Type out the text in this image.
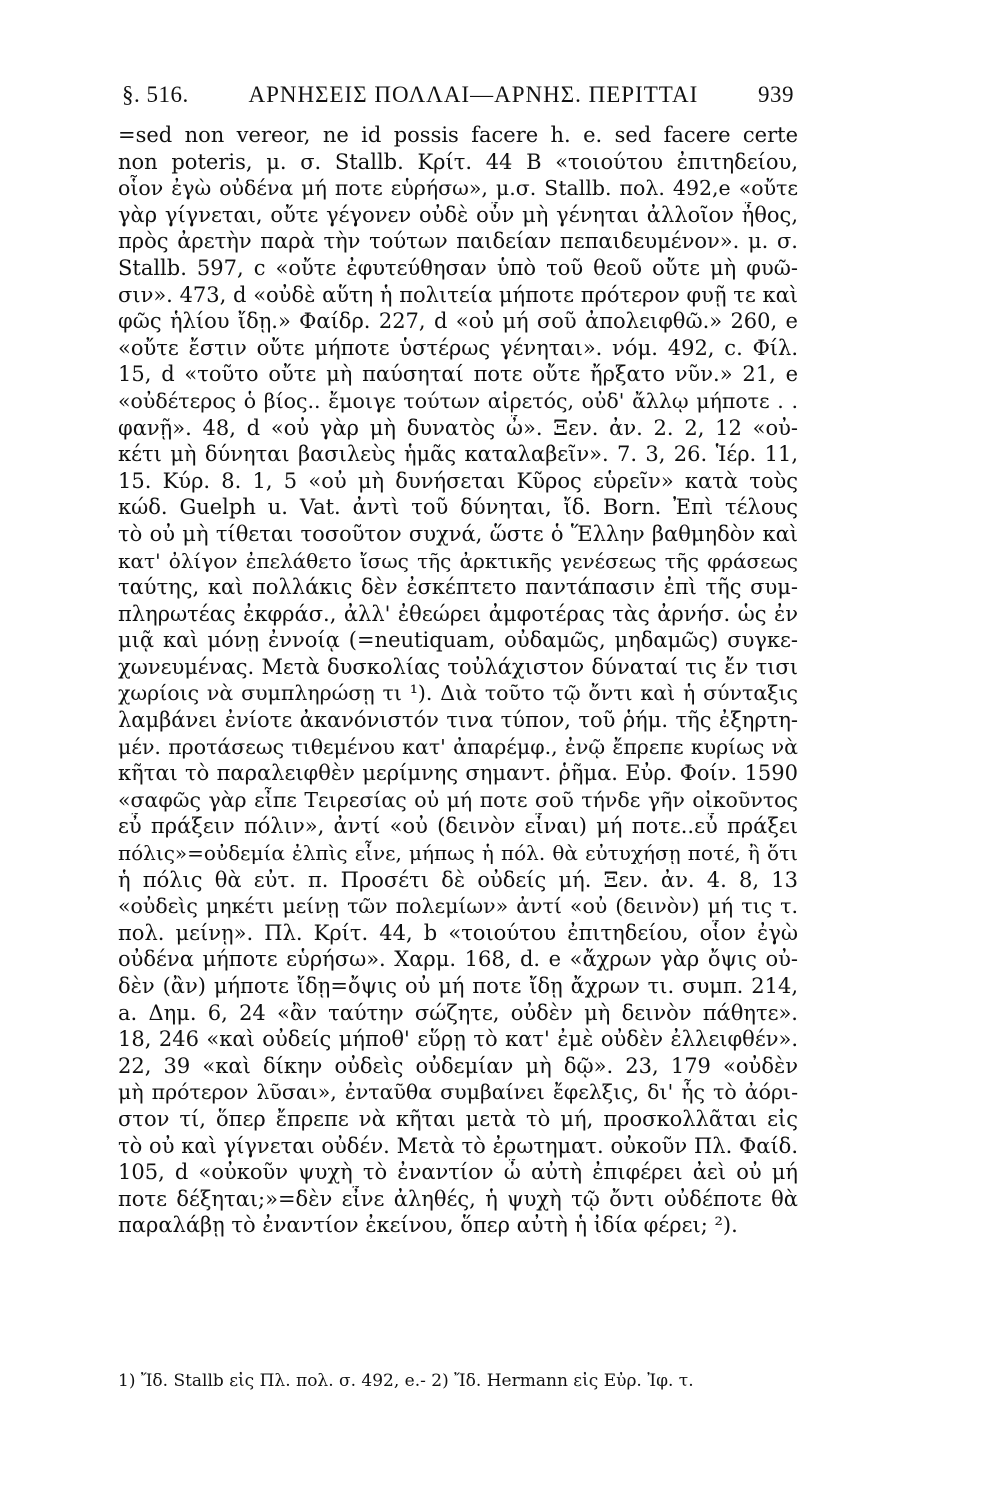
§. 516.	ΑΡΝΗΣΕΙΣ ΠΟΛΛΑΙ—ΑΡΝΗΣ. ΠΕΡΙΤΤΑΙ	939
=sed non vereor, ne id possis facere h. e. sed facere certe
non poteris, μ. σ. Stallb. Κρίτ. 44 B «τοιούτου ἐπιτηδείου,
οἷον ἐγὼ οὐδένα μή ποτε εὑρήσω», μ.σ. Stallb. πολ. 492,e «οὔτε
γὰρ γίγνεται, οὔτε γέγονεν οὐδὲ οὖν μὴ γένηται ἀλλοῖον ἦθος,
πρὸς ἀρετὴν παρὰ τὴν τούτων παιδείαν πεπαιδευμένον». μ. σ.
Stallb. 597, c «οὔτε ἐφυτεύθησαν ὑπὸ τοῦ θεοῦ οὔτε μὴ φυῶ-
σιν». 473, d «οὐδὲ αὕτη ἡ πολιτεία μήποτε πρότερον φυῇ τε καὶ
φῶς ἡλίου ἴδῃ.» Φαίδρ. 227, d «οὐ μή σοῦ ἀπολειφθῶ.» 260, e
«οὔτε ἔστιν οὔτε μήποτε ὑστέρως γένηται». νόμ. 492, c. Φίλ.
15, d «τοῦτο οὔτε μὴ παύσηταί ποτε οὔτε ἤρξατο νῦν.» 21, e
«οὐδέτερος ὁ βίος.. ἔμοιγε τούτων αἱρετός, οὐδ' ἄλλῳ μήποτε . .
φανῇ». 48, d «οὐ γὰρ μὴ δυνατὸς ὦ». Ξεν. ἀν. 2. 2, 12 «οὐ-
κέτι μὴ δύνηται βασιλεὺς ἡμᾶς καταλαβεῖν». 7. 3, 26. Ἱέρ. 11,
15. Κύρ. 8. 1, 5 «οὐ μὴ δυνήσεται Κῦρος εὑρεῖν» κατὰ τοὺς
κώδ. Guelph u. Vat. ἀντὶ τοῦ δύνηται, ἴδ. Born. Ἐπὶ τέλους
τὸ οὐ μὴ τίθεται τοσοῦτον συχνά, ὥστε ὁ Ἕλλην βαθμηδὸν καὶ
κατ' ὀλίγον ἐπελάθετο ἴσως τῆς ἀρκτικῆς γενέσεως τῆς φράσεως
ταύτης, καὶ πολλάκις δὲν ἐσκέπτετο παντάπασιν ἐπὶ τῆς συμ-
πληρωτέας ἐκφράσ., ἀλλ' ἐθεώρει ἀμφοτέρας τὰς ἀρνήσ. ὡς ἐν
μιᾷ καὶ μόνῃ ἐννοίᾳ (=neutiquam, οὐδαμῶς, μηδαμῶς) συγκε-
χωνευμένας. Μετὰ δυσκολίας τοὐλάχιστον δύναταί τις ἔν τισι
χωρίοις νὰ συμπληρώσῃ τι ¹). Διὰ τοῦτο τῷ ὄντι καὶ ἡ σύνταξις
λαμβάνει ἐνίοτε ἀκανόνιστόν τινα τύπον, τοῦ ῥήμ. τῆς ἐξηρτη-
μέν. προτάσεως τιθεμένου κατ' ἀπαρέμφ., ἐνῷ ἔπρεπε κυρίως νὰ
κῆται τὸ παραλειφθὲν μερίμνης σημαντ. ῥῆμα. Εὐρ. Φοίν. 1590
«σαφῶς γὰρ εἶπε Τειρεσίας οὐ μή ποτε σοῦ τήνδε γῆν οἰκοῦντος
εὖ πράξειν πόλιν», ἀντί «οὐ (δεινὸν εἶναι) μή ποτε..εὖ πράξει
πόλις»=οὐδεμία ἐλπὶς εἶνε, μήπως ἡ πόλ. θὰ εὐτυχήσῃ ποτέ, ἢ ὅτι
ἡ πόλις θὰ εὐτ. π. Προσέτι δὲ οὐδείς μή. Ξεν. ἀν. 4. 8, 13
«οὐδεὶς μηκέτι μείνῃ τῶν πολεμίων» ἀντί «οὐ (δεινὸν) μή τις τ.
πολ. μείνῃ». Πλ. Κρίτ. 44, b «τοιούτου ἐπιτηδείου, οἷον ἐγὼ
οὐδένα μήποτε εὑρήσω». Χαρμ. 168, d. e «ἄχρων γὰρ ὄψις οὐ-
δὲν (ἂν) μήποτε ἴδῃ=ὄψις οὐ μή ποτε ἴδῃ ἄχρων τι. συμπ. 214,
a. Δημ. 6, 24 «ἂν ταύτην σώζητε, οὐδὲν μὴ δεινὸν πάθητε».
18, 246 «καὶ οὐδείς μήποθ' εὕρῃ τὸ κατ' ἐμὲ οὐδὲν ἐλλειφθέν».
22, 39 «καὶ δίκην οὐδεὶς οὐδεμίαν μὴ δῷ». 23, 179 «οὐδὲν
μὴ πρότερον λῦσαι», ἐνταῦθα συμβαίνει ἔφελξις, δι' ἧς τὸ ἀόρι-
στον τί, ὅπερ ἔπρεπε νὰ κῆται μετὰ τὸ μή, προσκολλᾶται εἰς
τὸ οὐ καὶ γίγνεται οὐδέν. Μετὰ τὸ ἐρωτηματ. οὐκοῦν Πλ. Φαίδ.
105, d «οὐκοῦν ψυχὴ τὸ ἐναντίον ὦ αὐτὴ ἐπιφέρει ἀεὶ οὐ μή
ποτε δέξηται;»=δὲν εἶνε ἀληθές, ἡ ψυχὴ τῷ ὄντι οὐδέποτε θὰ
παραλάβῃ τὸ ἐναντίον ἐκείνου, ὅπερ αὐτὴ ἡ ἰδία φέρει; ²).
1) Ἴδ. Stallb εἰς Πλ. πολ. σ. 492, e.- 2) Ἴδ. Hermann εἰς Εὐρ. Ἰφ. τ.
